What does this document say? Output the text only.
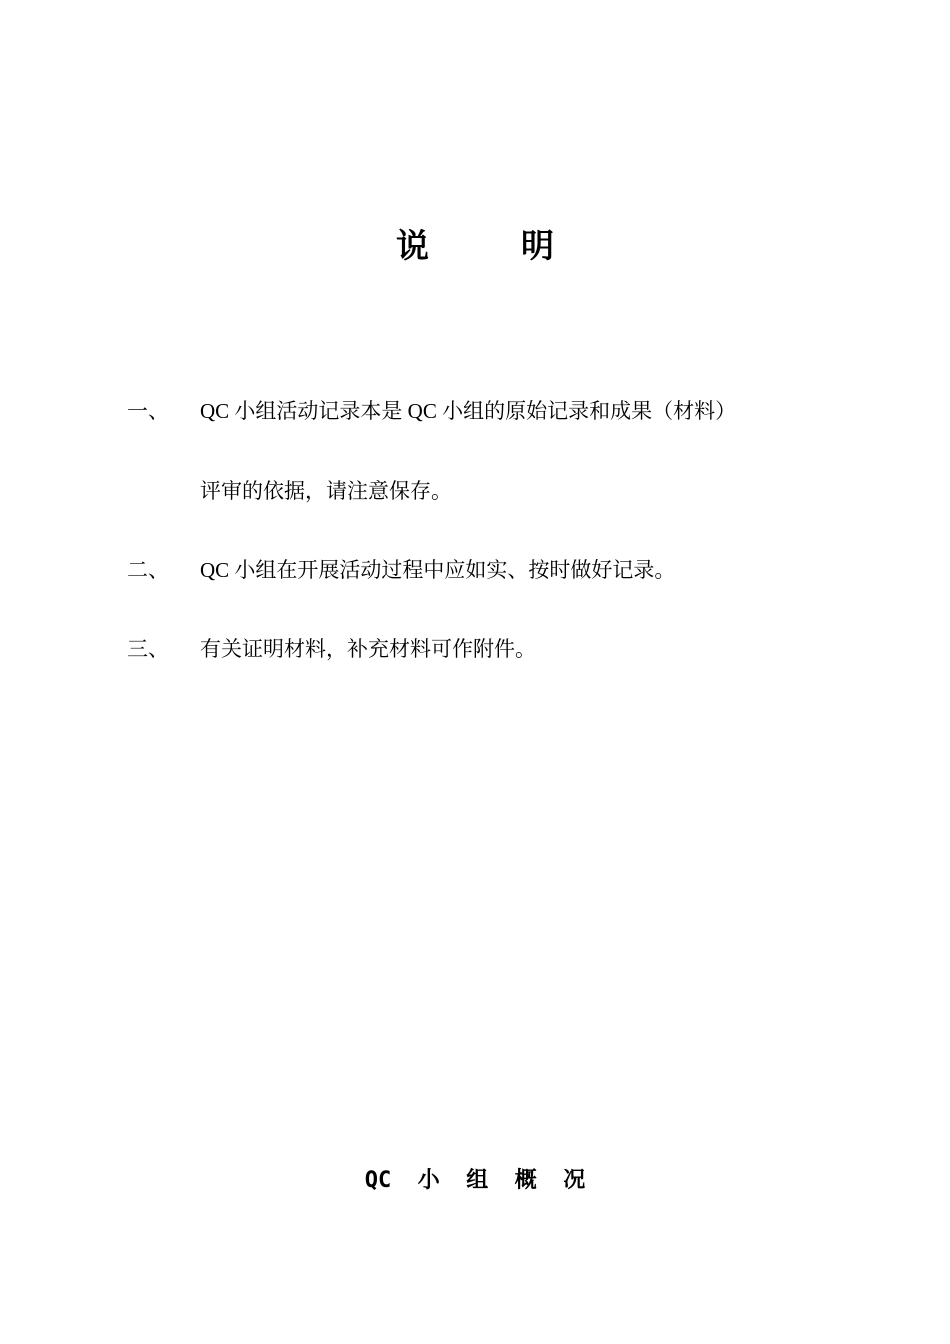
说        明
一、 QC 小组活动记录本是 QC 小组的原始记录和成果（材料）
评审的依据，请注意保存。
二、 QC 小组在开展活动过程中应如实、按时做好记录。
三、 有关证明材料，补充材料可作附件。
QC  小  组  概  况
